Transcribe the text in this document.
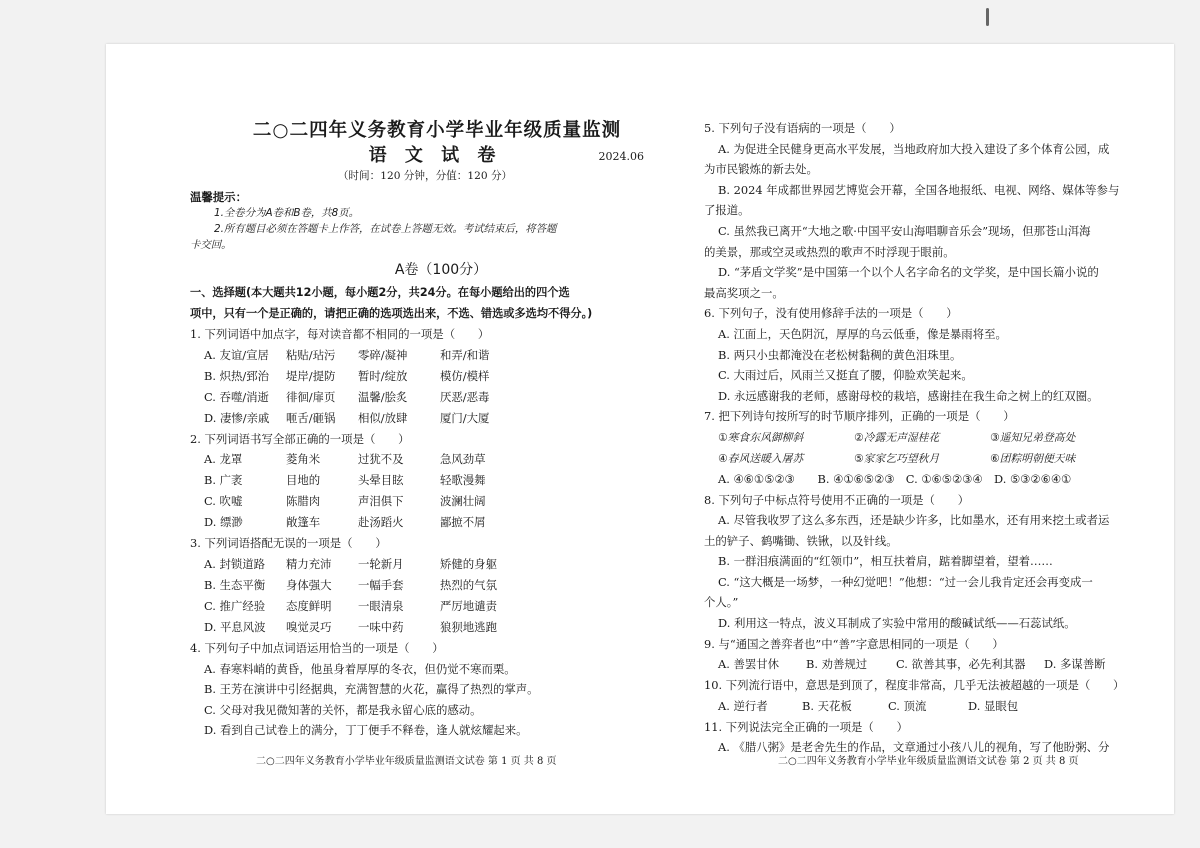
二○二四年义务教育小学毕业年级质量监测
语 文 试 卷	2024.06
（时间：120 分钟，分值：120 分）
温馨提示：
1.全卷分为A卷和B卷，共8页。
2.所有题目必须在答题卡上作答，在试卷上答题无效。考试结束后，将答题
卡交回。
A卷（100分）
一、选择题(本大题共12小题，每小题2分，共24分。在每小题给出的四个选
项中，只有一个是正确的，请把正确的选项选出来，不选、错选或多选均不得分。)
1. 下列词语中加点字，每对读音都不相同的一项是（　　）
A. 友谊/宣居	粘贴/玷污	零碎/凝神	和弄/和谐
B. 炽热/郅治	堤岸/提防	暂时/绽放	模仿/模样
C. 吞噬/消逝	徘徊/扉页	温馨/脍炙	厌恶/恶毒
D. 凄惨/亲戚	咂舌/砸锅	相似/放肆	厦门/大厦
2. 下列词语书写全部正确的一项是（　　）
A. 龙罩	菱角米	过犹不及	急风劲草
B. 广袤	目地的	头晕目眩	轻歌漫舞
C. 吹嘘	陈腊肉	声泪俱下	波澜壮阔
D. 缥渺	敞篷车	赴汤蹈火	鄙摭不屑
3. 下列词语搭配无误的一项是（　　）
A. 封锁道路	精力充沛	一轮新月	矫健的身躯
B. 生态平衡	身体强大	一幅手套	热烈的气氛
C. 推广经验	态度鲜明	一眼清泉	严厉地谴责
D. 平息风波	嗅觉灵巧	一味中药	狼狈地逃跑
4. 下列句子中加点词语运用恰当的一项是（　　）
A. 春寒料峭的黄昏，他虽身着厚厚的冬衣，但仍觉不寒而栗。
B. 王芳在演讲中引经据典，充满智慧的火花，赢得了热烈的掌声。
C. 父母对我见微知著的关怀，都是我永留心底的感动。
D. 看到自己试卷上的满分，丁丁便手不释卷，逢人就炫耀起来。
5. 下列句子没有语病的一项是（　　）
A. 为促进全民健身更高水平发展，当地政府加大投入建设了多个体育公园，成
为市民锻炼的新去处。
B. 2024 年成都世界园艺博览会开幕，全国各地报纸、电视、网络、媒体等参与
了报道。
C. 虽然我已离开“大地之歌·中国平安山海唱聊音乐会”现场，但那苍山洱海
的美景，那或空灵或热烈的歌声不时浮现于眼前。
D. “茅盾文学奖”是中国第一个以个人名字命名的文学奖，是中国长篇小说的
最高奖项之一。
6. 下列句子，没有使用修辞手法的一项是（　　）
A. 江面上，天色阴沉，厚厚的乌云低垂，像是暴雨将至。
B. 两只小虫都淹没在老松树黏稠的黄色泪珠里。
C. 大雨过后，风雨兰又挺直了腰，仰脸欢笑起来。
D. 永远感谢我的老师，感谢母校的栽培，感谢挂在我生命之树上的红双圈。
7. 把下列诗句按所写的时节顺序排列，正确的一项是（　　）
①寒食东风御柳斜	②冷露无声湿桂花	③遥知兄弟登高处
④春风送暖入屠苏	⑤家家乞巧望秋月	⑥团粽明朝便天味
A. ④⑥①⑤②③　　B. ④①⑥⑤②③　C. ①⑥⑤②③④　D. ⑤③②⑥④①
8. 下列句子中标点符号使用不正确的一项是（　　）
A. 尽管我收罗了这么多东西，还是缺少许多，比如墨水，还有用来挖土或者运
土的铲子、鹤嘴锄、铁锹，以及针线。
B. 一群泪痕满面的“红领巾”，相互扶着肩，踮着脚望着，望着……
C. “这大概是一场梦，一种幻觉吧！”他想：“过一会儿我肯定还会再变成一
个人。”
D. 利用这一特点，波义耳制成了实验中常用的酸碱试纸——石蕊试纸。
9. 与“通国之善弈者也”中“善”字意思相同的一项是（　　）
A. 善罢甘休	B. 劝善规过	C. 欲善其事，必先利其器	D. 多谋善断
10. 下列流行语中，意思是到顶了，程度非常高，几乎无法被超越的一项是（　　）
A. 逆行者	B. 天花板	C. 顶流	D. 显眼包
11. 下列说法完全正确的一项是（　　）
A. 《腊八粥》是老舍先生的作品，文章通过小孩八儿的视角，写了他盼粥、分
二○二四年义务教育小学毕业年级质量监测语文试卷 第 1 页 共 8 页	二○二四年义务教育小学毕业年级质量监测语文试卷 第 2 页 共 8 页
